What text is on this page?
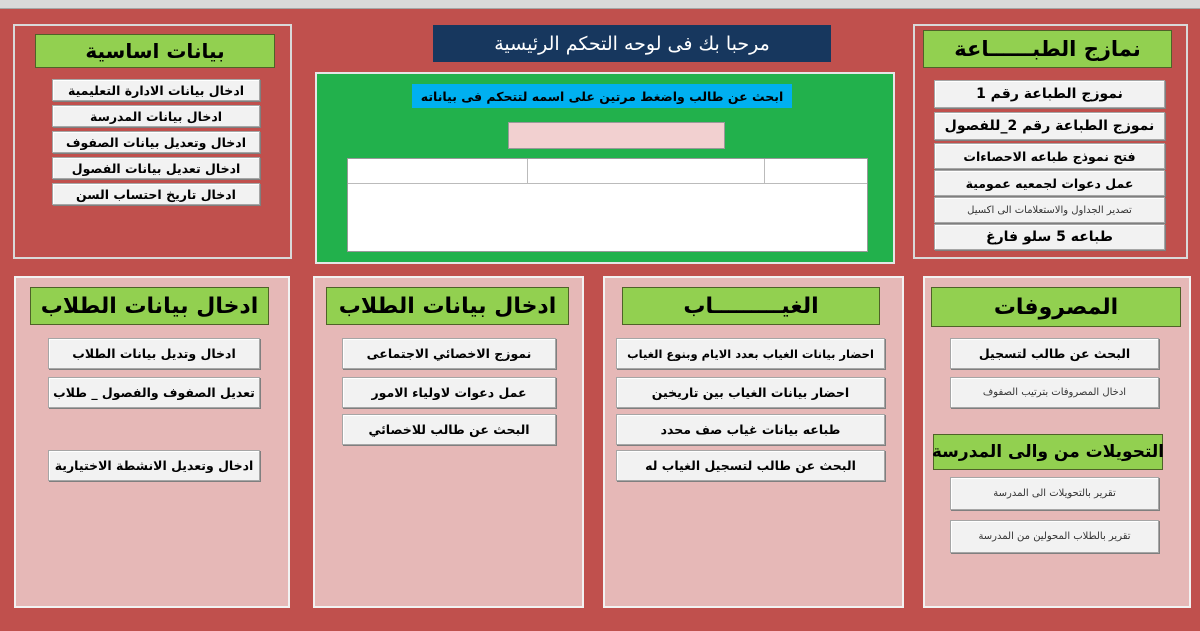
بيانات اساسية
ادخال بيانات الادارة التعليمية
ادخال بيانات المدرسة
ادخال وتعديل بيانات الصفوف
ادخال تعديل بيانات الفصول
ادخال تاريخ احتساب السن
مرحبا بك فى لوحه التحكم الرئيسية
ابحث عن طالب واضغط مرتين على اسمه لتتحكم فى بياناته
نمازج الطبــــــاعة
نموزج الطباعة رقم 1
نموزج الطباعة رقم 2_للفصول
فتح نموذج طباعه الاحصاءات
عمل دعوات لجمعيه عمومية
تصدير الجداول والاستعلامات الى اكسيل
طباعه 5 سلو فارغ
ادخال بيانات الطلاب
ادخال وتديل بيانات الطلاب
تعديل الصفوف والفصول _ طلاب
ادخال وتعديل الانشطة الاختيارية
ادخال بيانات الطلاب
نموزج الاخصائي الاجتماعى
عمل دعوات لاولياء الامور
البحث عن طالب للاخصائي
الغيـــــــــاب
احضار بيانات الغياب بعدد الايام وبنوع الغياب
احضار بيانات الغياب بين تاريخين
طباعه بيانات غياب صف محدد
البحث عن طالب لتسجيل الغياب له
المصروفات
البحث عن طالب لتسجيل
ادخال المصروفات بترتيب الصفوف
التحويلات من والى المدرسة
تقرير بالتحويلات الى المدرسة
تقرير بالطلاب المحولين من المدرسة
